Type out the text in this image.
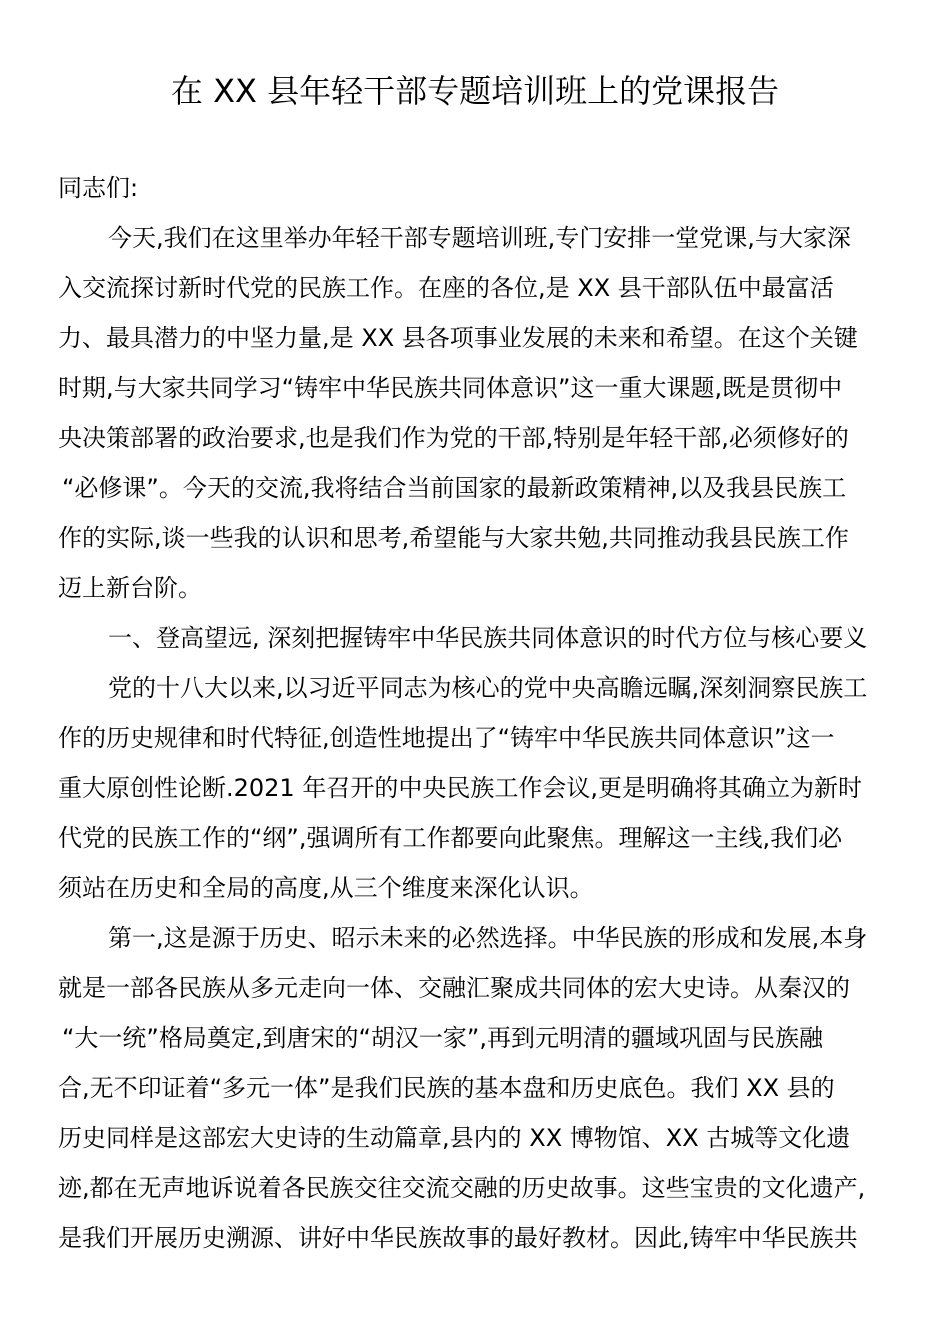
在 XX 县年轻干部专题培训班上的党课报告
同志们:
今天,我们在这里举办年轻干部专题培训班,专门安排一堂党课,与大家深
入交流探讨新时代党的民族工作。在座的各位,是 XX 县干部队伍中最富活
力、最具潜力的中坚力量,是 XX 县各项事业发展的未来和希望。在这个关键
时期,与大家共同学习“铸牢中华民族共同体意识”这一重大课题,既是贯彻中
央决策部署的政治要求,也是我们作为党的干部,特别是年轻干部,必须修好的
“必修课”。今天的交流,我将结合当前国家的最新政策精神,以及我县民族工
作的实际,谈一些我的认识和思考,希望能与大家共勉,共同推动我县民族工作
迈上新台阶。
一、登高望远, 深刻把握铸牢中华民族共同体意识的时代方位与核心要义
党的十八大以来,以习近平同志为核心的党中央高瞻远瞩,深刻洞察民族工
作的历史规律和时代特征,创造性地提出了“铸牢中华民族共同体意识”这一
重大原创性论断.2021 年召开的中央民族工作会议,更是明确将其确立为新时
代党的民族工作的“纲”,强调所有工作都要向此聚焦。理解这一主线,我们必
须站在历史和全局的高度,从三个维度来深化认识。
第一,这是源于历史、昭示未来的必然选择。中华民族的形成和发展,本身
就是一部各民族从多元走向一体、交融汇聚成共同体的宏大史诗。从秦汉的
“大一统”格局奠定,到唐宋的“胡汉一家”,再到元明清的疆域巩固与民族融
合,无不印证着“多元一体”是我们民族的基本盘和历史底色。我们 XX 县的
历史同样是这部宏大史诗的生动篇章,县内的 XX 博物馆、XX 古城等文化遗
迹,都在无声地诉说着各民族交往交流交融的历史故事。这些宝贵的文化遗产,
是我们开展历史溯源、讲好中华民族故事的最好教材。因此,铸牢中华民族共
